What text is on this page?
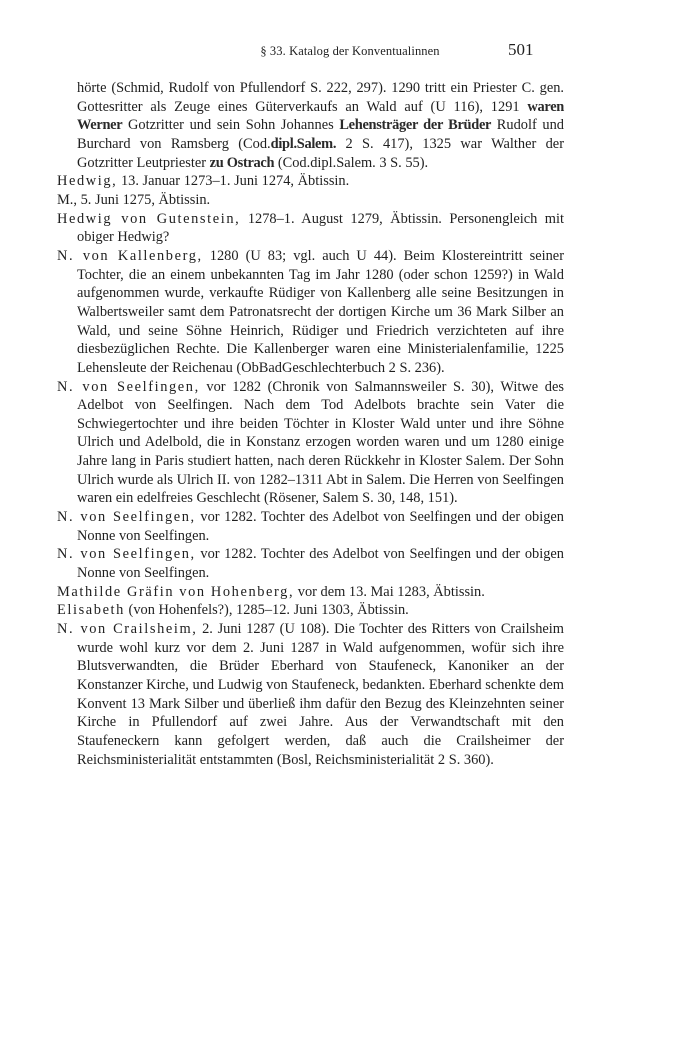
§ 33. Katalog der Konventualinnen	501

hörte (Schmid, Rudolf von Pfullendorf S. 222, 297). 1290 tritt ein Priester C. gen. Gottesritter als Zeuge eines Güterverkaufs an Wald auf (U 116), 1291 waren Werner Gotzritter und sein Sohn Johannes Lehensträger der Brüder Rudolf und Burchard von Ramsberg (Cod.dipl.Salem. 2 S. 417), 1325 war Walther der Gotzritter Leutpriester zu Ostrach (Cod.dipl.Salem. 3 S. 55).

Hedwig, 13. Januar 1273–1. Juni 1274, Äbtissin.

M., 5. Juni 1275, Äbtissin.

Hedwig von Gutenstein, 1278–1. August 1279, Äbtissin. Personengleich mit obiger Hedwig?

N. von Kallenberg, 1280 (U 83; vgl. auch U 44). Beim Klostereintritt seiner Tochter, die an einem unbekannten Tag im Jahr 1280 (oder schon 1259?) in Wald aufgenommen wurde, verkaufte Rüdiger von Kallenberg alle seine Besitzungen in Walbertsweiler samt dem Patronatsrecht der dortigen Kirche um 36 Mark Silber an Wald, und seine Söhne Heinrich, Rüdiger und Friedrich verzichteten auf ihre diesbezüglichen Rechte. Die Kallenberger waren eine Ministerialenfamilie, 1225 Lehensleute der Reichenau (ObBadGeschlechterbuch 2 S. 236).

N. von Seelfingen, vor 1282 (Chronik von Salmannsweiler S. 30), Witwe des Adelbot von Seelfingen. Nach dem Tod Adelbots brachte sein Vater die Schwiegertochter und ihre beiden Töchter in Kloster Wald unter und ihre Söhne Ulrich und Adelbold, die in Konstanz erzogen worden waren und um 1280 einige Jahre lang in Paris studiert hatten, nach deren Rückkehr in Kloster Salem. Der Sohn Ulrich wurde als Ulrich II. von 1282–1311 Abt in Salem. Die Herren von Seelfingen waren ein edelfreies Geschlecht (Rösener, Salem S. 30, 148, 151).

N. von Seelfingen, vor 1282. Tochter des Adelbot von Seelfingen und der obigen Nonne von Seelfingen.

N. von Seelfingen, vor 1282. Tochter des Adelbot von Seelfingen und der obigen Nonne von Seelfingen.

Mathilde Gräfin von Hohenberg, vor dem 13. Mai 1283, Äbtissin.

Elisabeth (von Hohenfels?), 1285–12. Juni 1303, Äbtissin.

N. von Crailsheim, 2. Juni 1287 (U 108). Die Tochter des Ritters von Crailsheim wurde wohl kurz vor dem 2. Juni 1287 in Wald aufgenommen, wofür sich ihre Blutsverwandten, die Brüder Eberhard von Staufeneck, Kanoniker an der Konstanzer Kirche, und Ludwig von Staufeneck, bedankten. Eberhard schenkte dem Konvent 13 Mark Silber und überließ ihm dafür den Bezug des Kleinzehnten seiner Kirche in Pfullendorf auf zwei Jahre. Aus der Verwandtschaft mit den Staufeneckern kann gefolgert werden, daß auch die Crailsheimer der Reichsministerialität entstammten (Bosl, Reichsministerialität 2 S. 360).
